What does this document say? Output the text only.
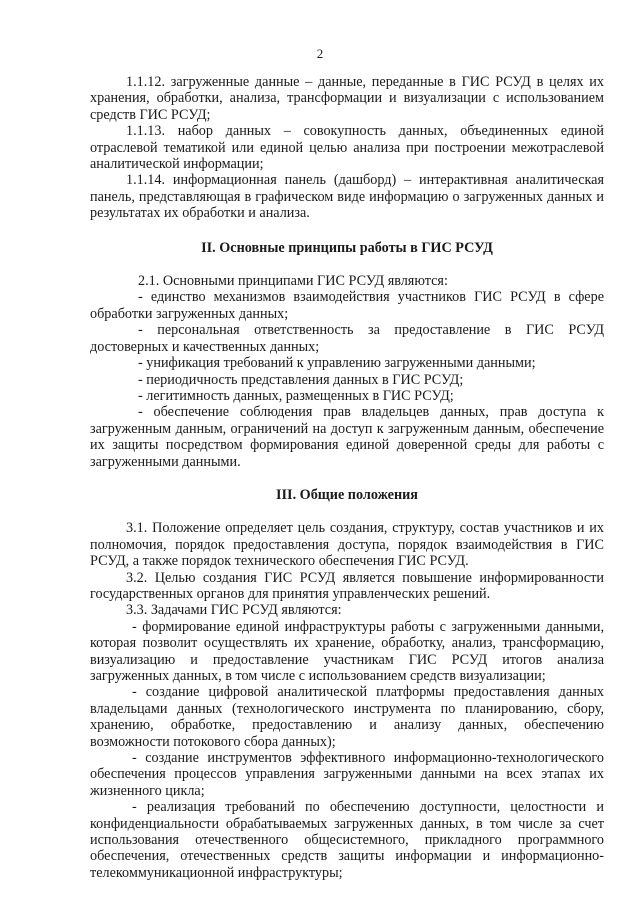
2

1.1.12. загруженные данные – данные, переданные в ГИС РСУД в целях их хранения, обработки, анализа, трансформации и визуализации с использованием средств ГИС РСУД;

1.1.13. набор данных – совокупность данных, объединенных единой отраслевой тематикой или единой целью анализа при построении межотраслевой аналитической информации;

1.1.14. информационная панель (дашборд) – интерактивная аналитическая панель, представляющая в графическом виде информацию о загруженных данных и результатах их обработки и анализа.

II. Основные принципы работы в ГИС РСУД

2.1. Основными принципами ГИС РСУД являются:

- единство механизмов взаимодействия участников ГИС РСУД в сфере обработки загруженных данных;

- персональная ответственность за предоставление в ГИС РСУД достоверных и качественных данных;

- унификация требований к управлению загруженными данными;

- периодичность представления данных в ГИС РСУД;

- легитимность данных, размещенных в ГИС РСУД;

- обеспечение соблюдения прав владельцев данных, прав доступа к загруженным данным, ограничений на доступ к загруженным данным, обеспечение их защиты посредством формирования единой доверенной среды для работы с загруженными данными.

III. Общие положения

3.1. Положение определяет цель создания, структуру, состав участников и их полномочия, порядок предоставления доступа, порядок взаимодействия в ГИС РСУД, а также порядок технического обеспечения ГИС РСУД.

3.2. Целью создания ГИС РСУД является повышение информированности государственных органов для принятия управленческих решений.

3.3. Задачами ГИС РСУД являются:

- формирование единой инфраструктуры работы с загруженными данными, которая позволит осуществлять их хранение, обработку, анализ, трансформацию, визуализацию и предоставление участникам ГИС РСУД итогов анализа загруженных данных, в том числе с использованием средств визуализации;

- создание цифровой аналитической платформы предоставления данных владельцами данных (технологического инструмента по планированию, сбору, хранению, обработке, предоставлению и анализу данных, обеспечению возможности потокового сбора данных);

- создание инструментов эффективного информационно-технологического обеспечения процессов управления загруженными данными на всех этапах их жизненного цикла;

- реализация требований по обеспечению доступности, целостности и конфиденциальности обрабатываемых загруженных данных, в том числе за счет использования отечественного общесистемного, прикладного программного обеспечения, отечественных средств защиты информации и информационно-телекоммуникационной инфраструктуры;
